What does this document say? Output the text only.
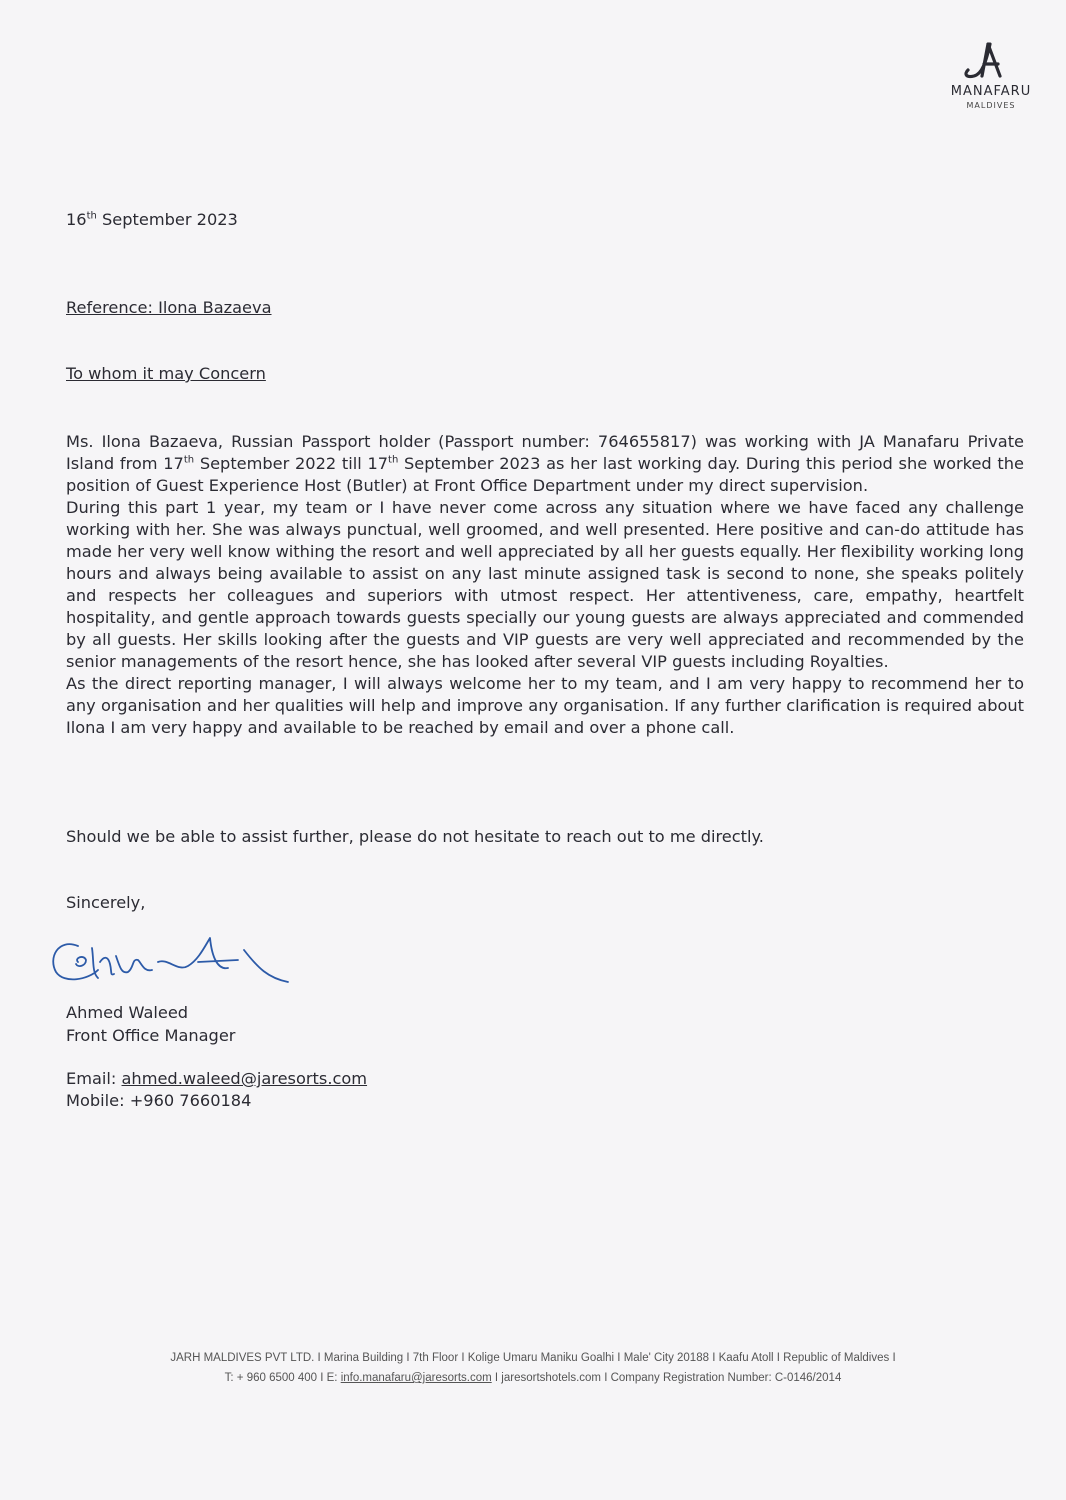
MANAFARU
MALDIVES
16th September 2023
Reference: Ilona Bazaeva
To whom it may Concern

Ms. Ilona Bazaeva, Russian Passport holder (Passport number: 764655817) was working with JA Manafaru Private Island from 17th September 2022 till 17th September 2023 as her last working day. During this period she worked the position of Guest Experience Host (Butler) at Front Office Department under my direct supervision.

During this part 1 year, my team or I have never come across any situation where we have faced any challenge working with her. She was always punctual, well groomed, and well presented. Here positive and can-do attitude has made her very well know withing the resort and well appreciated by all her guests equally. Her flexibility working long hours and always being available to assist on any last minute assigned task is second to none, she speaks politely and respects her colleagues and superiors with utmost respect. Her attentiveness, care, empathy, heartfelt hospitality, and gentle approach towards guests specially our young guests are always appreciated and commended by all guests. Her skills looking after the guests and VIP guests are very well appreciated and recommended by the senior managements of the resort hence, she has looked after several VIP guests including Royalties.

As the direct reporting manager, I will always welcome her to my team, and I am very happy to recommend her to any organisation and her qualities will help and improve any organisation. If any further clarification is required about Ilona I am very happy and available to be reached by email and over a phone call.

Should we be able to assist further, please do not hesitate to reach out to me directly.
Sincerely,
Ahmed Waleed
Front Office Manager
Email: ahmed.waleed@jaresorts.com
Mobile: +960 7660184
JARH MALDIVES PVT LTD. I Marina Building I 7th Floor I Kolige Umaru Maniku Goalhi I Male' City 20188 I Kaafu Atoll I Republic of Maldives I
T: + 960 6500 400 I E: info.manafaru@jaresorts.com I jaresortshotels.com I Company Registration Number: C-0146/2014
